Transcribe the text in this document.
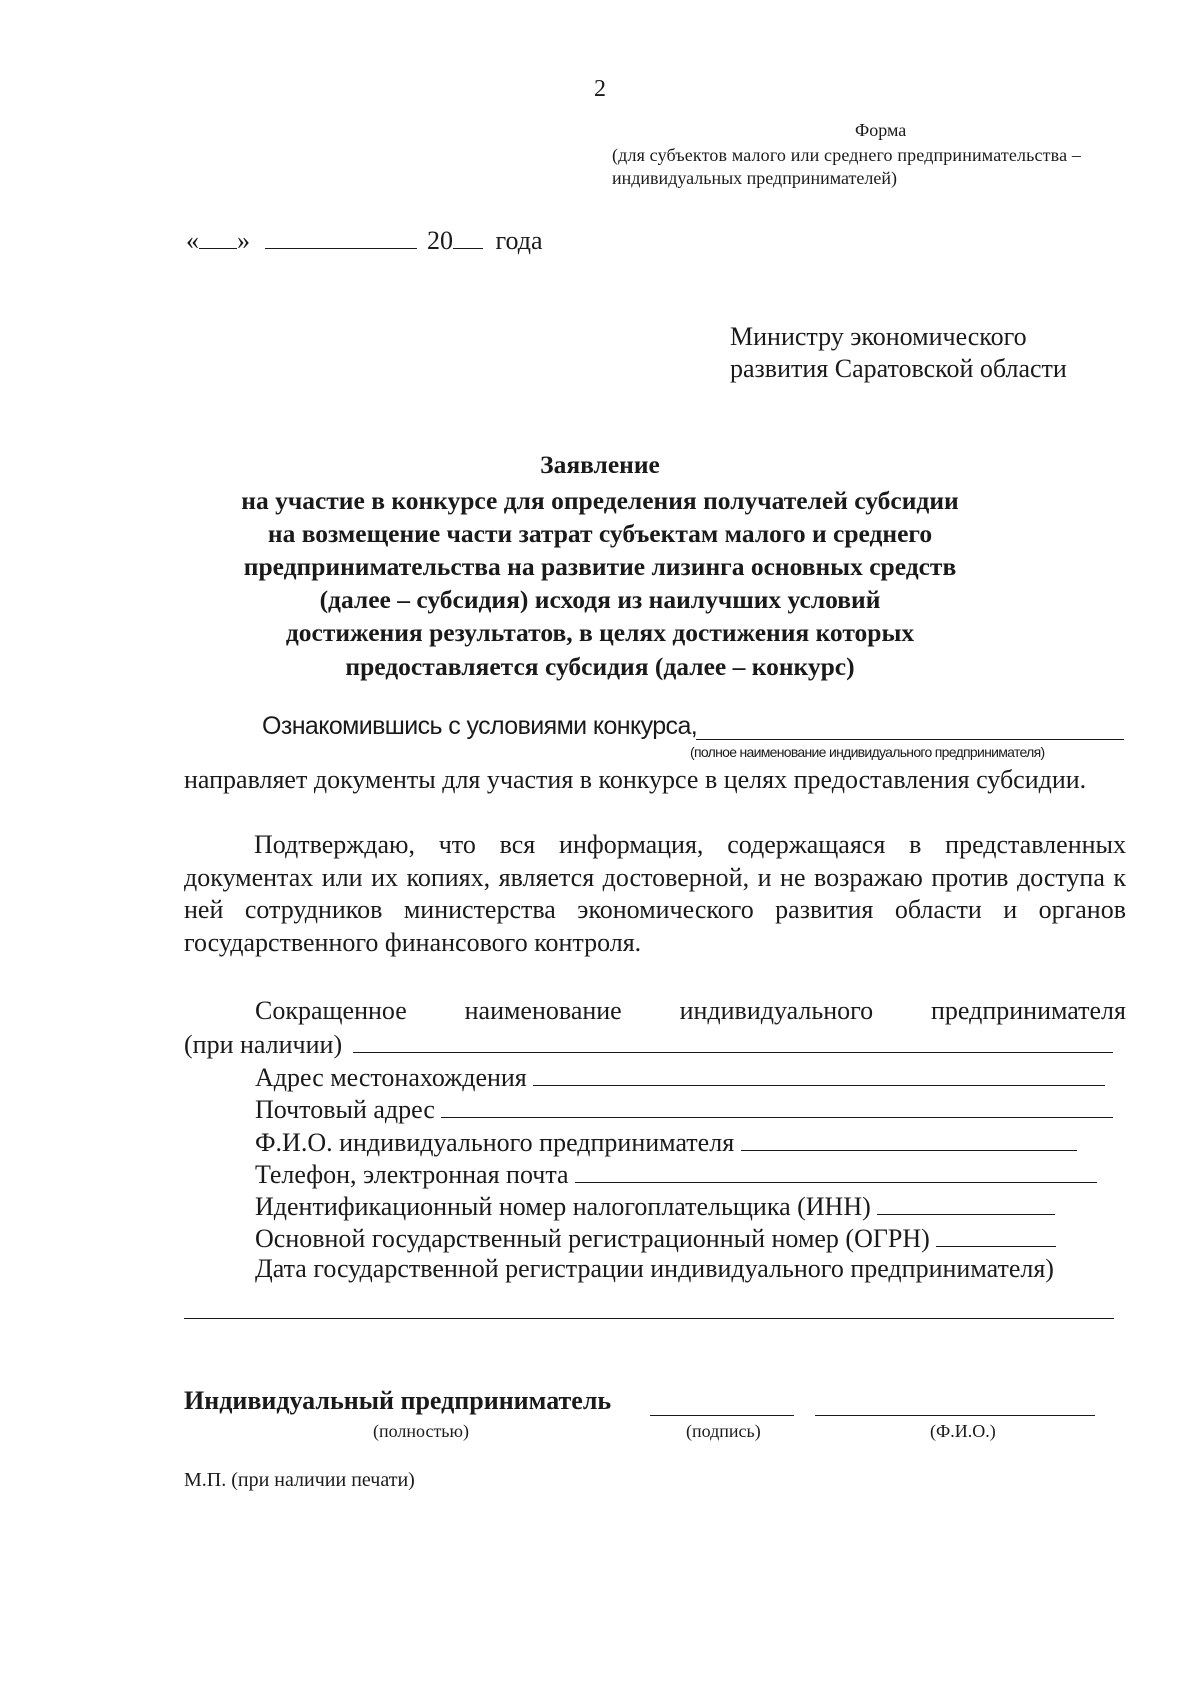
2
Форма
(для субъектов малого или среднего предпринимательства –
индивидуальных предпринимателей)
« »	20 года
Министру экономического
развития Саратовской области
Заявление
на участие в конкурсе для определения получателей субсидии
на возмещение части затрат субъектам малого и среднего
предпринимательства на развитие лизинга основных средств
(далее – субсидия) исходя из наилучших условий
достижения результатов, в целях достижения которых
предоставляется субсидия (далее – конкурс)
Ознакомившись с условиями конкурса,
(полное наименование индивидуального предпринимателя)
направляет документы для участия в конкурсе в целях предоставления субсидии.
Подтверждаю, что вся информация, содержащаяся в представленных документах или их копиях, является достоверной, и не возражаю против доступа к ней сотрудников министерства экономического развития области и органов государственного финансового контроля.
Сокращенное наименование индивидуального предпринимателя
(при наличии)
Адрес местонахождения
Почтовый адрес
Ф.И.О. индивидуального предпринимателя
Телефон, электронная почта
Идентификационный номер налогоплательщика (ИНН)
Основной государственный регистрационный номер (ОГРН)
Дата государственной регистрации индивидуального предпринимателя)
Индивидуальный предприниматель
(полностью)	(подпись)	(Ф.И.О.)
М.П. (при наличии печати)
